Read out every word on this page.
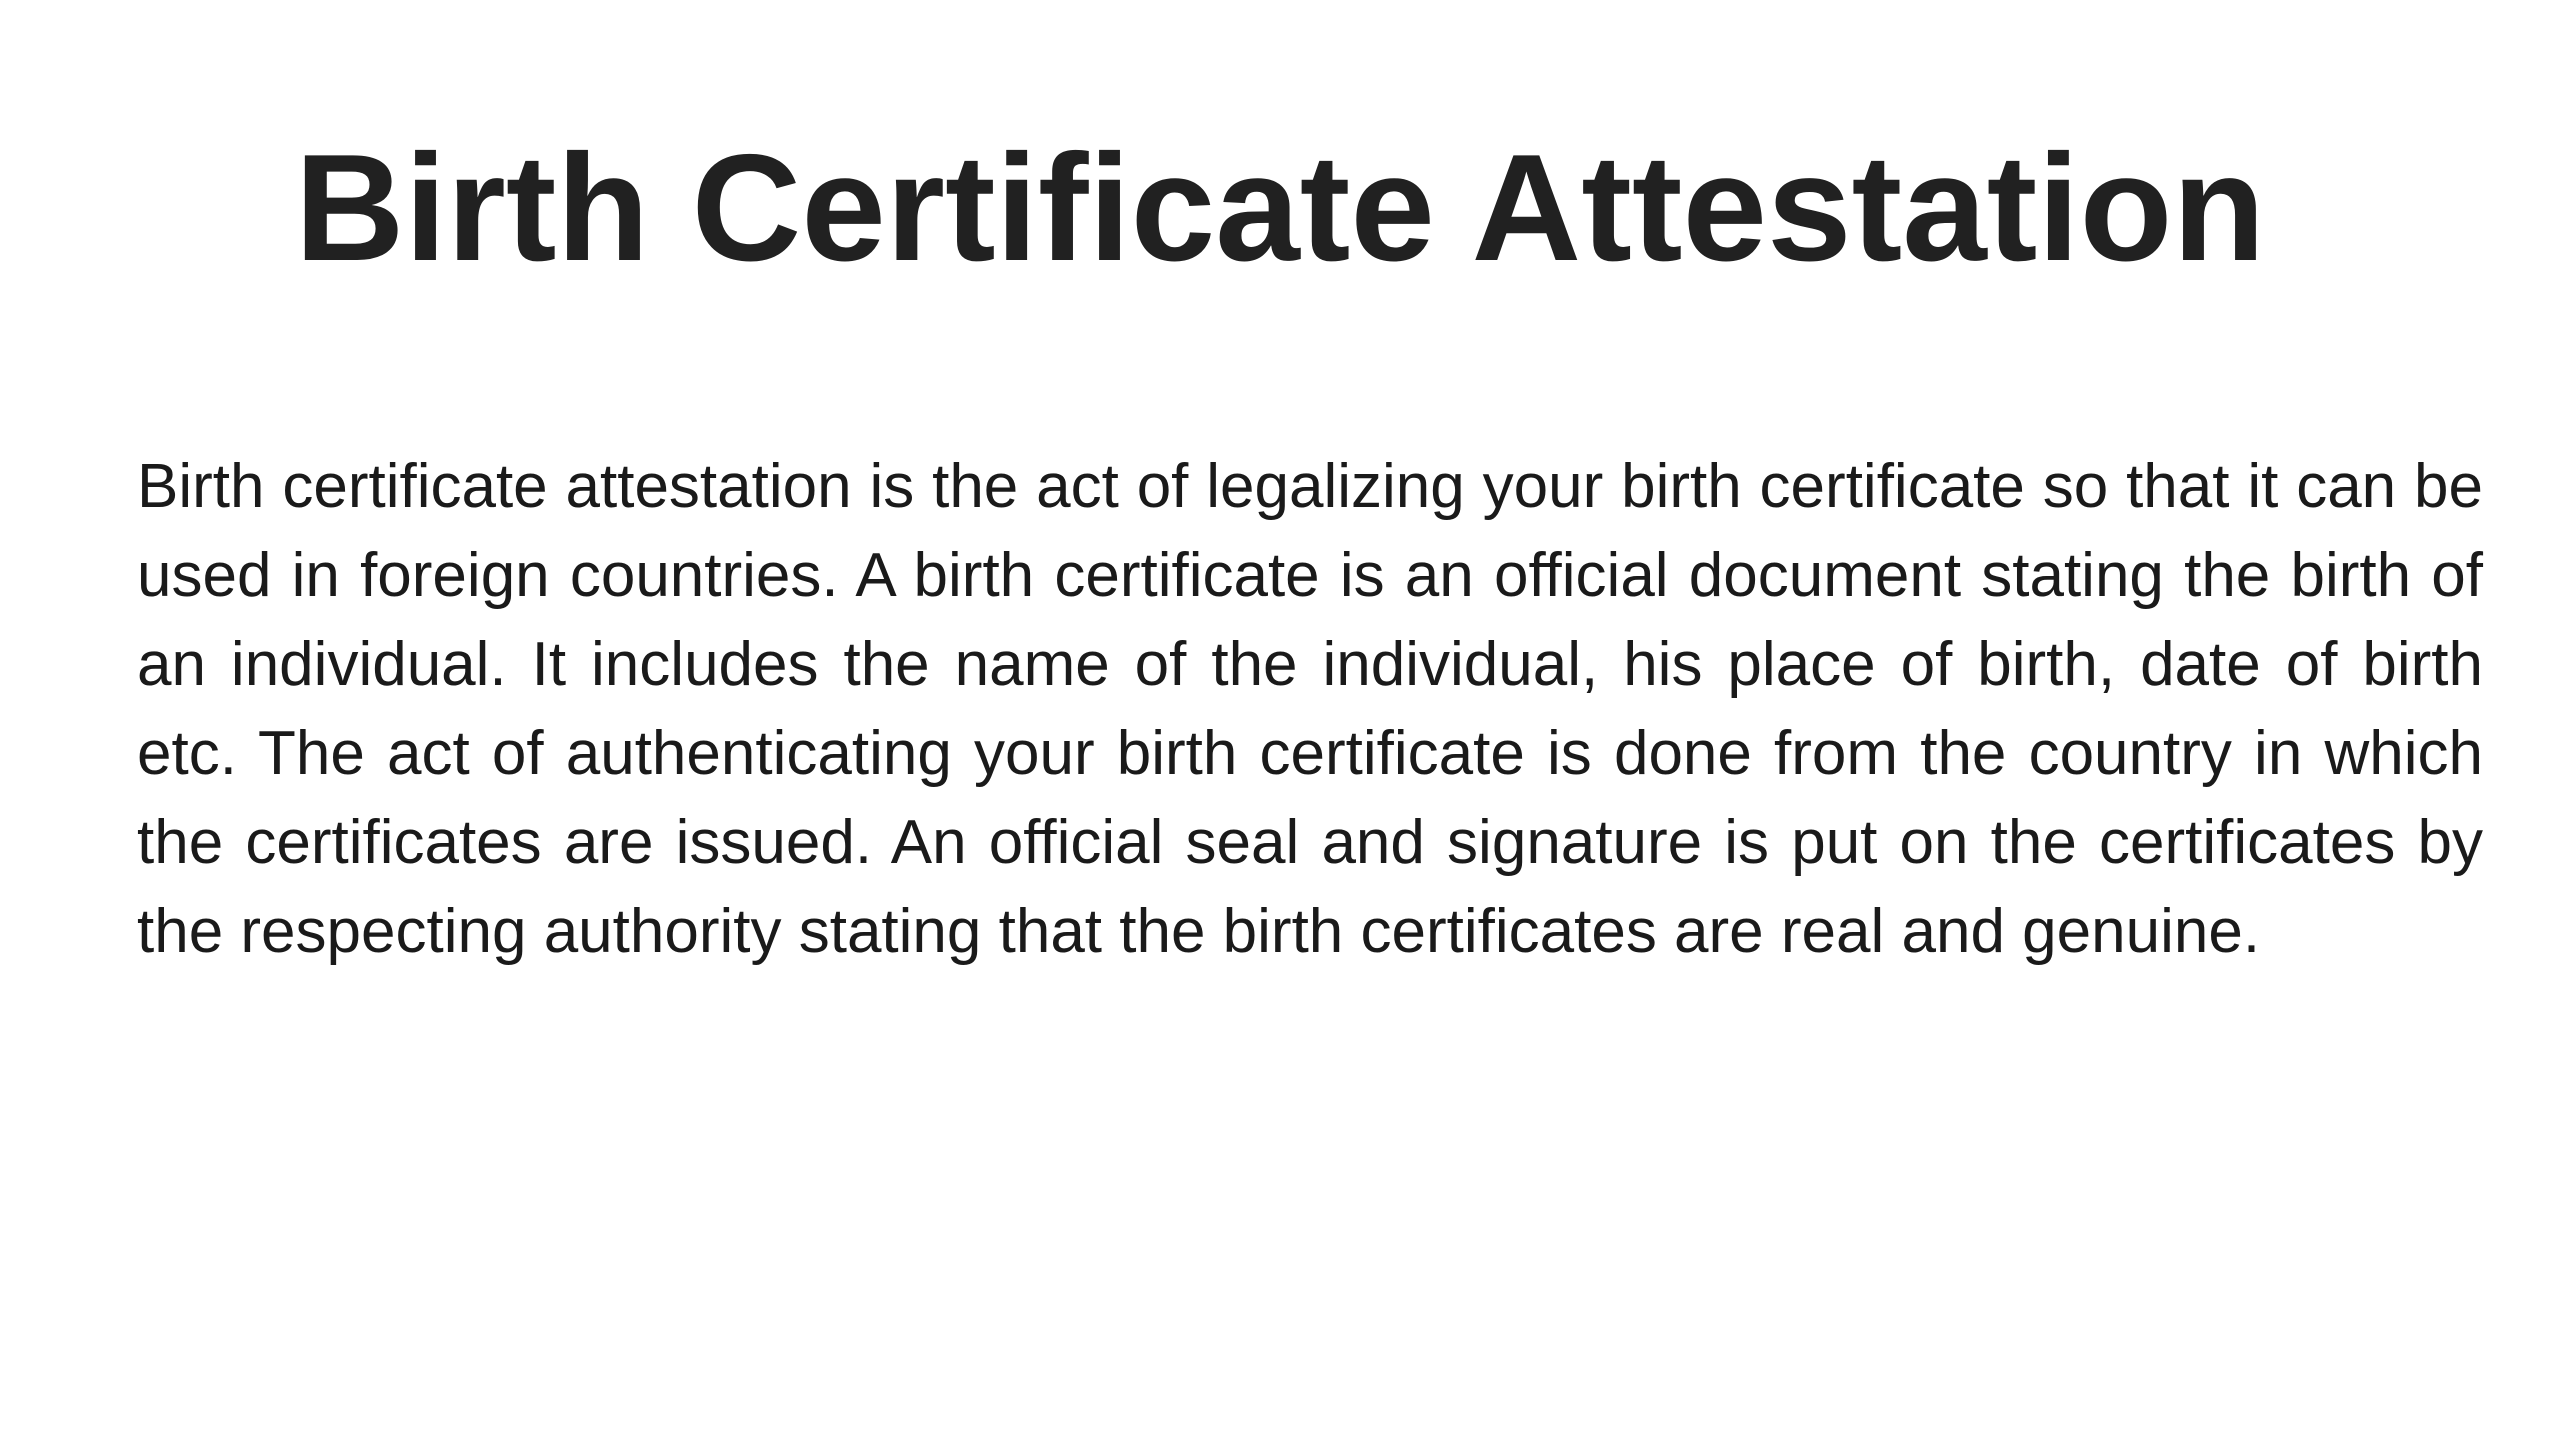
Birth Certificate Attestation

Birth certificate attestation is the act of legalizing your birth certificate so that it can be used in foreign countries. A birth certificate is an official document stating the birth of an individual. It includes the name of the individual, his place of birth, date of birth etc. The act of authenticating your birth certificate is done from the country in which the certificates are issued. An official seal and signature is put on the certificates by the respecting authority stating that the birth certificates are real and genuine.
